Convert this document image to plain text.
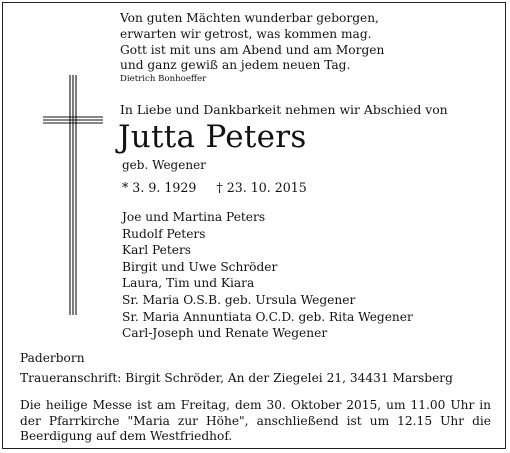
Von guten Mächten wunderbar geborgen,
erwarten wir getrost, was kommen mag.
Gott ist mit uns am Abend und am Morgen
und ganz gewiß an jedem neuen Tag.
Dietrich Bonhoeffer
In Liebe und Dankbarkeit nehmen wir Abschied von
Jutta Peters
geb. Wegener
* 3. 9. 1929 † 23. 10. 2015
Joe und Martina Peters
Rudolf Peters
Karl Peters
Birgit und Uwe Schröder
Laura, Tim und Kiara
Sr. Maria O.S.B. geb. Ursula Wegener
Sr. Maria Annuntiata O.C.D. geb. Rita Wegener
Carl-Joseph und Renate Wegener
Paderborn
Traueranschrift: Birgit Schröder, An der Ziegelei 21, 34431 Marsberg
Die heilige Messe ist am Freitag, dem 30. Oktober 2015, um 11.00 Uhr in der Pfarrkirche "Maria zur Höhe", anschließend ist um 12.15 Uhr die Beerdigung auf dem Westfriedhof.
